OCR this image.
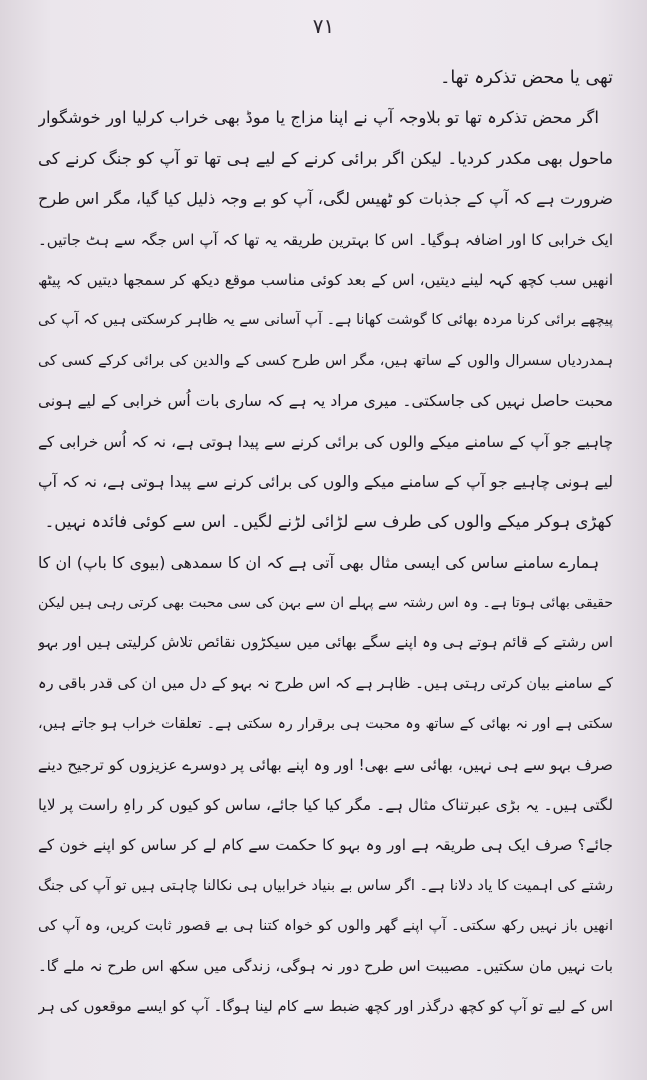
۷۱
تھی یا محض تذکرہ تھا۔
اگر محض تذکرہ تھا تو بلاوجہ آپ نے اپنا مزاج یا موڈ بھی خراب کرلیا اور خوشگوار
ماحول بھی مکدر کردیا۔ لیکن اگر برائی کرنے کے لیے ہی تھا تو آپ کو جنگ کرنے کی
ضرورت ہے کہ آپ کے جذبات کو ٹھیس لگی، آپ کو بے وجہ ذلیل کیا گیا، مگر اس طرح
ایک خرابی کا اور اضافہ ہوگیا۔ اس کا بہترین طریقہ یہ تھا کہ آپ اس جگہ سے ہٹ جاتیں۔
انھیں سب کچھ کہہ لینے دیتیں، اس کے بعد کوئی مناسب موقع دیکھ کر سمجھا دیتیں کہ پیٹھ
پیچھے برائی کرنا مردہ بھائی کا گوشت کھانا ہے۔ آپ آسانی سے یہ ظاہر کرسکتی ہیں کہ آپ کی
ہمدردیاں سسرال والوں کے ساتھ ہیں، مگر اس طرح کسی کے والدین کی برائی کرکے کسی کی
محبت حاصل نہیں کی جاسکتی۔ میری مراد یہ ہے کہ ساری بات اُس خرابی کے لیے ہونی
چاہیے جو آپ کے سامنے میکے والوں کی برائی کرنے سے پیدا ہوتی ہے، نہ کہ اُس خرابی کے
لیے ہونی چاہیے جو آپ کے سامنے میکے والوں کی برائی کرنے سے پیدا ہوتی ہے، نہ کہ آپ
کھڑی ہوکر میکے والوں کی طرف سے لڑائی لڑنے لگیں۔ اس سے کوئی فائدہ نہیں۔
ہمارے سامنے ساس کی ایسی مثال بھی آتی ہے کہ ان کا سمدھی (بیوی کا باپ) ان کا
حقیقی بھائی ہوتا ہے۔ وہ اس رشتہ سے پہلے ان سے بہن کی سی محبت بھی کرتی رہی ہیں لیکن
اس رشتے کے قائم ہوتے ہی وہ اپنے سگے بھائی میں سیکڑوں نقائص تلاش کرلیتی ہیں اور بہو
کے سامنے بیان کرتی رہتی ہیں۔ ظاہر ہے کہ اس طرح نہ بہو کے دل میں ان کی قدر باقی رہ
سکتی ہے اور نہ بھائی کے ساتھ وہ محبت ہی برقرار رہ سکتی ہے۔ تعلقات خراب ہو جاتے ہیں،
صرف بہو سے ہی نہیں، بھائی سے بھی! اور وہ اپنے بھائی پر دوسرے عزیزوں کو ترجیح دینے
لگتی ہیں۔ یہ بڑی عبرتناک مثال ہے۔ مگر کیا کیا جائے، ساس کو کیوں کر راہِ راست پر لایا
جائے؟ صرف ایک ہی طریقہ ہے اور وہ بہو کا حکمت سے کام لے کر ساس کو اپنے خون کے
رشتے کی اہمیت کا یاد دلانا ہے۔ اگر ساس بے بنیاد خرابیاں ہی نکالنا چاہتی ہیں تو آپ کی جنگ
انھیں باز نہیں رکھ سکتی۔ آپ اپنے گھر والوں کو خواہ کتنا ہی بے قصور ثابت کریں، وہ آپ کی
بات نہیں مان سکتیں۔ مصیبت اس طرح دور نہ ہوگی، زندگی میں سکھ اس طرح نہ ملے گا۔
اس کے لیے تو آپ کو کچھ درگذر اور کچھ ضبط سے کام لینا ہوگا۔ آپ کو ایسے موقعوں کی ہر
